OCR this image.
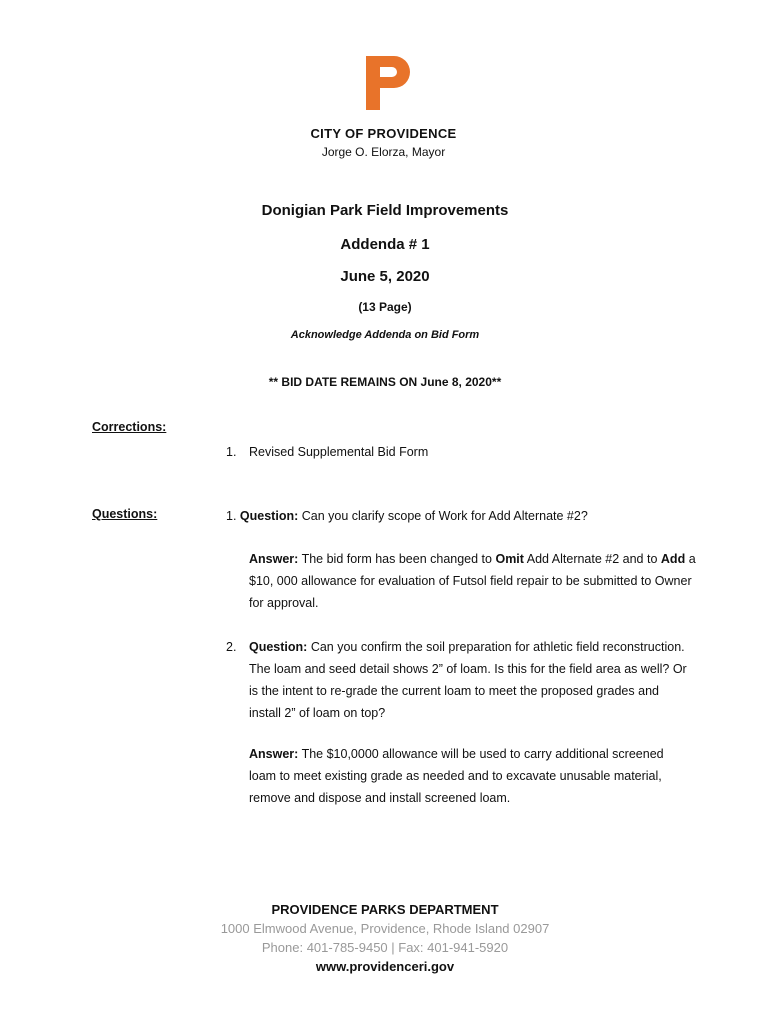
CITY OF PROVIDENCE
Jorge O. Elorza, Mayor
Donigian Park Field Improvements
Addenda # 1
June 5, 2020
(13 Page)
Acknowledge Addenda on Bid Form
** BID DATE REMAINS ON June 8, 2020**
Corrections:
1. Revised Supplemental Bid Form
Questions:	1. Question: Can you clarify scope of Work for Add Alternate #2?
Answer: The bid form has been changed to Omit Add Alternate #2 and to Add a $10, 000 allowance for evaluation of Futsol field repair to be submitted to Owner for approval.
2. Question: Can you confirm the soil preparation for athletic field reconstruction. The loam and seed detail shows 2” of loam. Is this for the field area as well? Or is the intent to re-grade the current loam to meet the proposed grades and install 2” of loam on top?
Answer: The $10,0000 allowance will be used to carry additional screened loam to meet existing grade as needed and to excavate unusable material, remove and dispose and install screened loam.
PROVIDENCE PARKS DEPARTMENT
1000 Elmwood Avenue, Providence, Rhode Island 02907
Phone: 401-785-9450 | Fax: 401-941-5920
www.providenceri.gov
